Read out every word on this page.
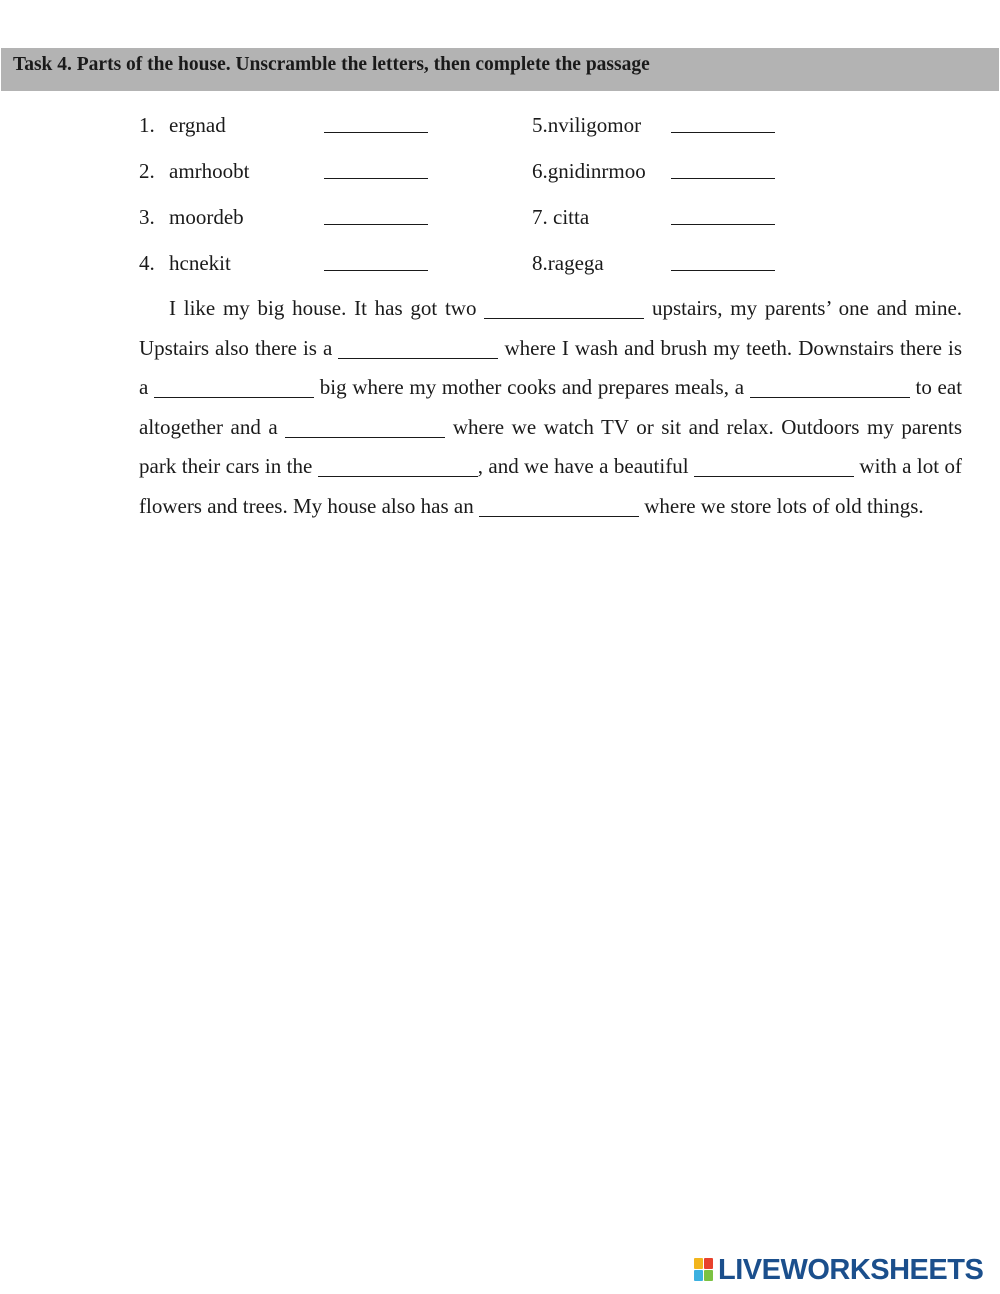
Task 4. Parts of the house. Unscramble the letters, then complete the passage
1. ergnad
2. amrhoobt
3. moordeb
4. hcnekit
5.nviligomor
6.gnidinrmoo
7. citta
8.ragega
I like my big house. It has got two	upstairs, my parents’ one and mine. Upstairs also there is a	where I wash and brush my teeth. Downstairs there is a	big where my mother cooks and prepares meals, a	to eat altogether and a	where we watch TV or sit and relax. Outdoors my parents park their cars in the	, and we have a beautiful	with a lot of flowers and trees. My house also has an	where we store lots of old things.
LIVEWORKSHEETS
